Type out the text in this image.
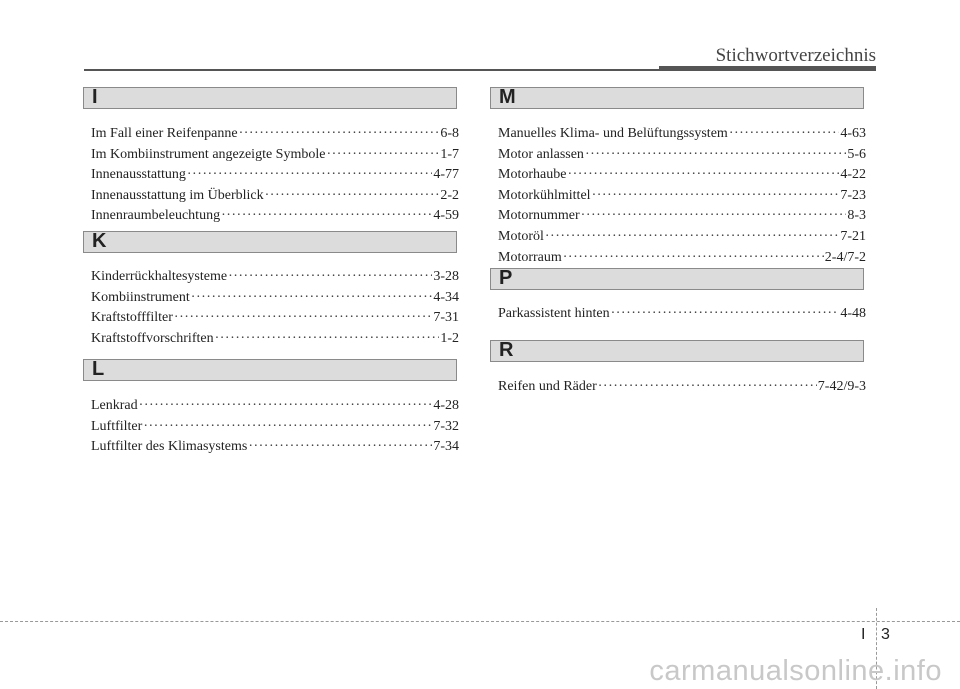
Stichwortverzeichnis
I
Im Fall einer Reifenpanne ·····	6-8
Im Kombiinstrument angezeigte Symbole ·····	1-7
Innenausstattung ·····	4-77
Innenausstattung im Überblick ·····	2-2
Innenraumbeleuchtung ·····	4-59
K
Kinderrückhaltesysteme ·····	3-28
Kombiinstrument ·····	4-34
Kraftstofffilter ·····	7-31
Kraftstoffvorschriften ·····	1-2
L
Lenkrad ·····	4-28
Luftfilter ·····	7-32
Luftfilter des Klimasystems ·····	7-34
M
Manuelles Klima- und Belüftungssystem ·····	4-63
Motor anlassen ·····	5-6
Motorhaube ·····	4-22
Motorkühlmittel ·····	7-23
Motornummer ·····	8-3
Motoröl ·····	7-21
Motorraum ·····	2-4/7-2
P
Parkassistent hinten ·····	4-48
R
Reifen und Räder ·····	7-42/9-3
I 3
carmanualsonline.info
